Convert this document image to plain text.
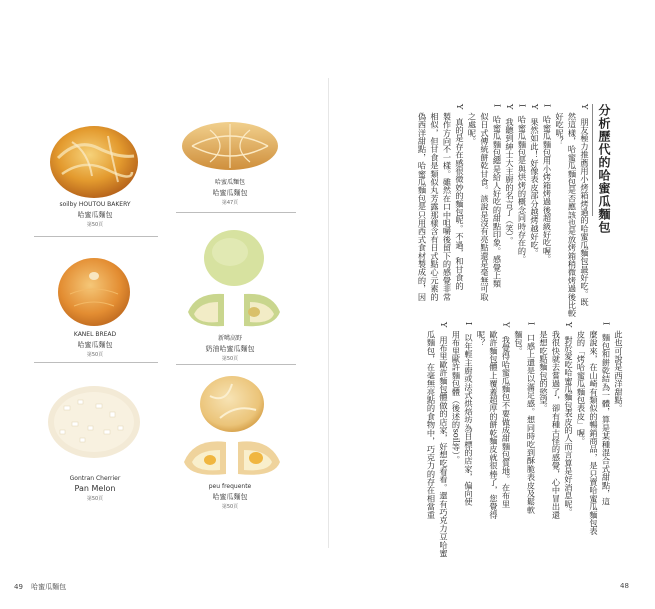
soilby HOUTOU BAKERY
哈蜜瓜麵包
第50頁
哈蜜瓜麵包
哈蜜瓜麵包
第47頁
KANEL BREAD
哈蜜瓜麵包
第50頁
新噶高野
奶油哈蜜瓜麵包
第50頁
Gontran Cherrier
Pan Melon
第50頁
peu frequente
哈蜜瓜麵包
第50頁
49 哈蜜瓜麵包
分析歷代的哈蜜瓜麵包

Y　朋友極力推薦用小烤箱烤過的哈蜜瓜麵包最好吃。既
　然這樣，哈蜜瓜麵包是否應該也是放烤箱稍微烤過後比較
　好吃呢？

I　哈蜜瓜麵包用小烤箱烤過後超級好吃喔。

Y　果然如此！好像表皮部分越烤越好吃。

I　哈蜜瓜麵包是與烘烤的概念同時存在的。

Y　我聽到紳士大主廚的名言了（笑）。

I　哈蜜瓜麵包總是給人好吃的甜點印象。感覺上類
　似日式傳統餅乾甘食。該說是沒有亮點還是毫無可取
　之處呢。

Y　真的是存在感很微妙的麵包呢。不過，和甘食的
　製作方向不一樣。雖然在口中咀嚼後留下的感覺非常
　相似，但甘食是類似丸芳露那樣含有日式點心元素的
　偽西洋甜點，哈蜜瓜麵包是只用西式食材製成的，因

　此也可說是西洋甜點。

I　麵包和餅乾結為一體，算是某種混合式甜點，這
　麼說來，在山崎有類似的暢銷商品，是只賣哈蜜瓜麵包表
　皮的「烤哈蜜瓜麵包表皮」喔。

Y　對於愛吃哈蜜瓜麵包表皮的人而言算是好消息呢。
　我很快就去嘗過了，卻有種古怪的感覺，心中冒出還
　是想吃點麵包的慾望。

I　口感上還是以滿足感。想同時吃到酥脆表皮及鬆軟
　麵包。

Y　我覺得哈蜜瓜麵包不要做成甜麵包質地。在布里
　歐許麵包體上覆蓋超厚的餅乾麵皮就很棒了，您覺得
　呢？

I　以年輕主廚或法式烘焙坊為目標的店家，偏向使
　用布里歐許麵包體（後述的soil等）。

Y　用布里歐許麵包體做的店家，好想吃看看。還有巧克力豆哈蜜
　瓜麵包，在毫無亮點的食物中，巧克力的存在相當重

48
